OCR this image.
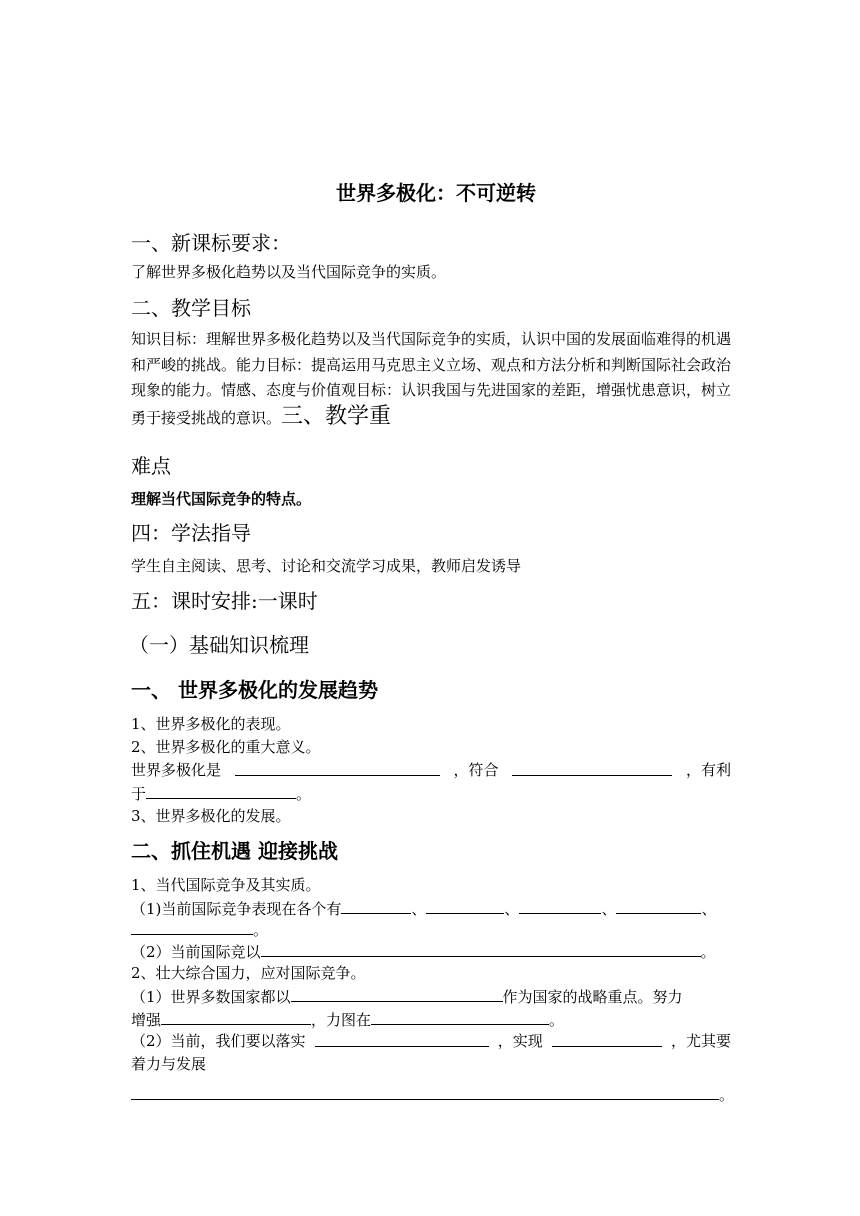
世界多极化：不可逆转
一、新课标要求：
了解世界多极化趋势以及当代国际竞争的实质。
二、教学目标
知识目标：理解世界多极化趋势以及当代国际竞争的实质，认识中国的发展面临难得的机遇和严峻的挑战。能力目标：提高运用马克思主义立场、观点和方法分析和判断国际社会政治现象的能力。情感、态度与价值观目标：认识我国与先进国家的差距，增强忧患意识，树立勇于接受挑战的意识。三、教学重
难点
理解当代国际竞争的特点。
四：学法指导
学生自主阅读、思考、讨论和交流学习成果，教师启发诱导
五：课时安排:一课时
（一）基础知识梳理
一、 世界多极化的发展趋势
1、世界多极化的表现。
2、世界多极化的重大意义。
世界多极化是	，符合	，有利
于	。
3、世界多极化的发展。
二、抓住机遇 迎接挑战
1、当代国际竞争及其实质。
（1)当前国际竞争表现在各个有	、	、	、	、
。
（2）当前国际竞以	。
2、壮大综合国力，应对国际竞争。
（1）世界多数国家都以	作为国家的战略重点。努力
增强	，力图在	。
（2）当前，我们要以落实	，实现	，尤其要
着力与发展
。
